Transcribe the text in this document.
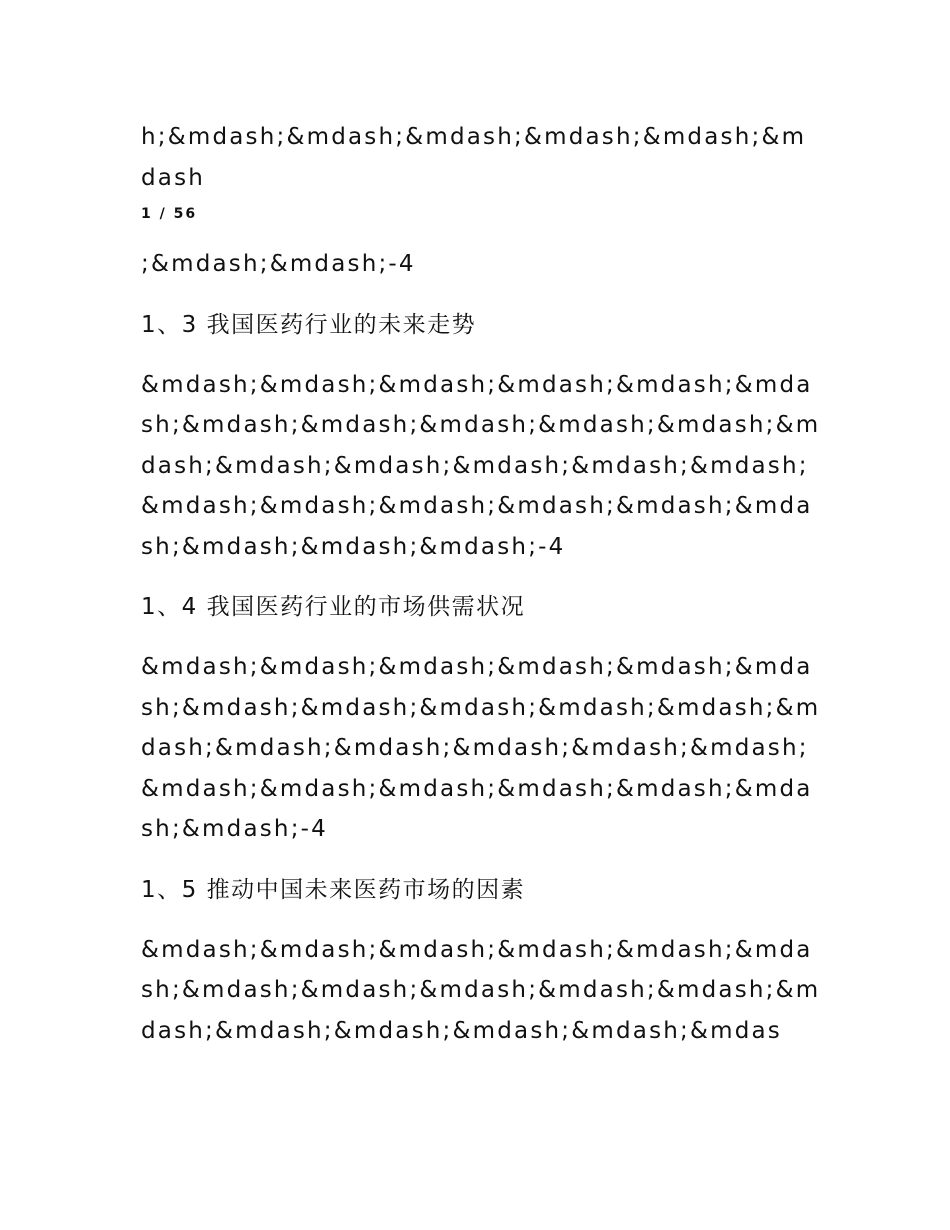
h;&mdash;&mdash;&mdash;&mdash;&mdash;&mdash

1 / 56

;&mdash;&mdash;-4

1、3 我国医药行业的未来走势

&mdash;&mdash;&mdash;&mdash;&mdash;&mdash;&mdash;&mdash;&mdash;&mdash;&mdash;&mdash;&mdash;&mdash;&mdash;&mdash;&mdash;&mdash;&mdash;&mdash;&mdash;&mdash;&mdash;&mdash;&mdash;&mdash;-4

1、4 我国医药行业的市场供需状况

&mdash;&mdash;&mdash;&mdash;&mdash;&mdash;&mdash;&mdash;&mdash;&mdash;&mdash;&mdash;&mdash;&mdash;&mdash;&mdash;&mdash;&mdash;&mdash;&mdash;&mdash;&mdash;&mdash;&mdash;-4

1、5 推动中国未来医药市场的因素

&mdash;&mdash;&mdash;&mdash;&mdash;&mdash;&mdash;&mdash;&mdash;&mdash;&mdash;&mdash;&mdash;&mdash;&mdash;&mdash;&mdas
